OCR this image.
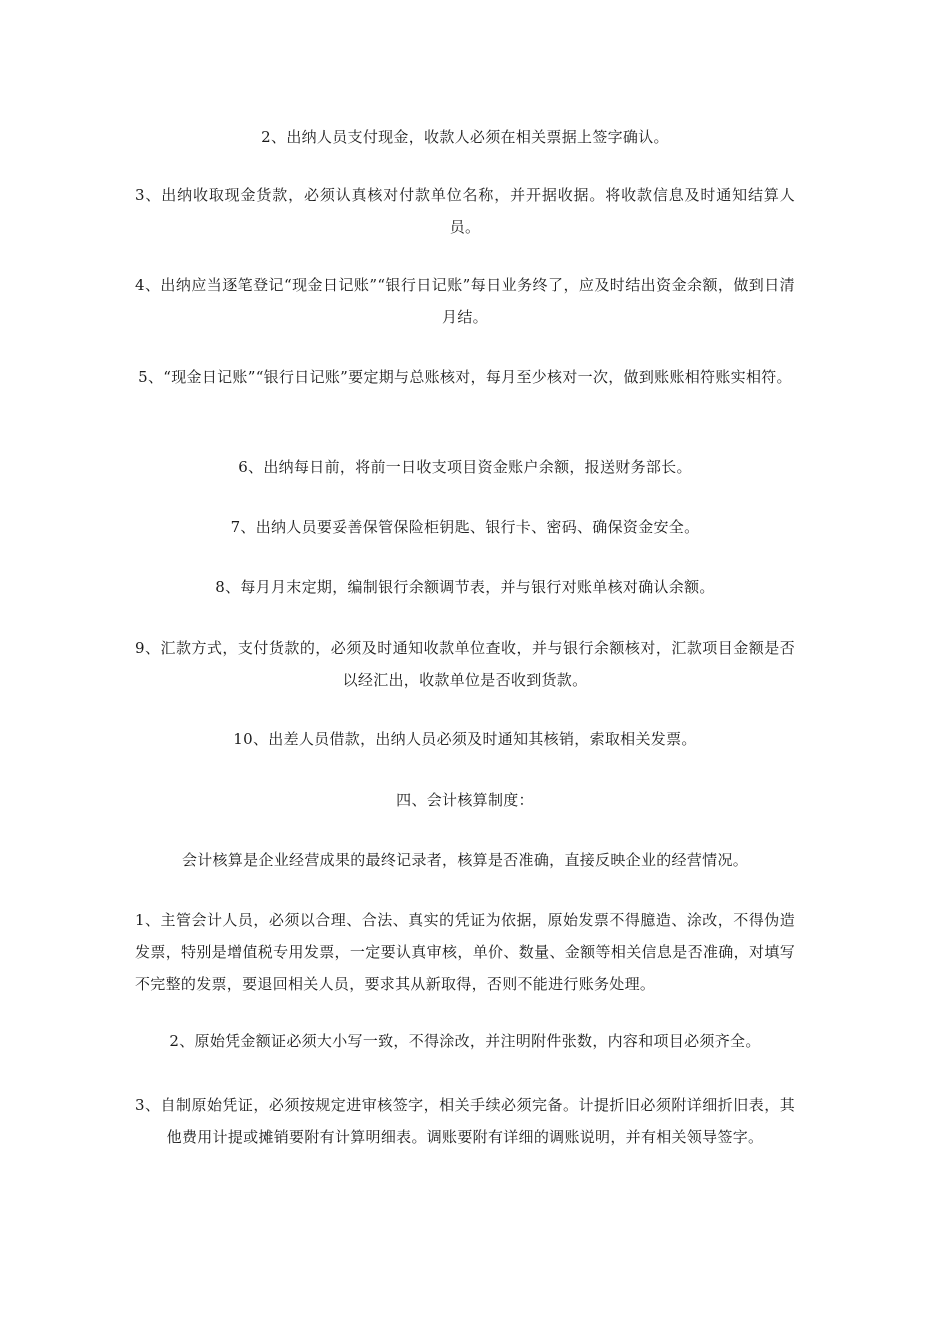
2、出纳人员支付现金，收款人必须在相关票据上签字确认。

3、出纳收取现金货款，必须认真核对付款单位名称，并开据收据。将收款信息及时通知结算人员。

4、出纳应当逐笔登记“现金日记账”“银行日记账”每日业务终了，应及时结出资金余额，做到日清月结。

5、“现金日记账”“银行日记账”要定期与总账核对，每月至少核对一次，做到账账相符账实相符。

6、出纳每日前，将前一日收支项目资金账户余额，报送财务部长。

7、出纳人员要妥善保管保险柜钥匙、银行卡、密码、确保资金安全。

8、每月月末定期，编制银行余额调节表，并与银行对账单核对确认余额。

9、汇款方式，支付货款的，必须及时通知收款单位查收，并与银行余额核对，汇款项目金额是否以经汇出，收款单位是否收到货款。

10、出差人员借款，出纳人员必须及时通知其核销，索取相关发票。

四、会计核算制度：

会计核算是企业经营成果的最终记录者，核算是否准确，直接反映企业的经营情况。

1、主管会计人员，必须以合理、合法、真实的凭证为依据，原始发票不得臆造、涂改，不得伪造发票，特别是增值税专用发票，一定要认真审核，单价、数量、金额等相关信息是否准确，对填写不完整的发票，要退回相关人员，要求其从新取得，否则不能进行账务处理。

2、原始凭金额证必须大小写一致，不得涂改，并注明附件张数，内容和项目必须齐全。

3、自制原始凭证，必须按规定进审核签字，相关手续必须完备。计提折旧必须附详细折旧表，其他费用计提或摊销要附有计算明细表。调账要附有详细的调账说明，并有相关领导签字。
